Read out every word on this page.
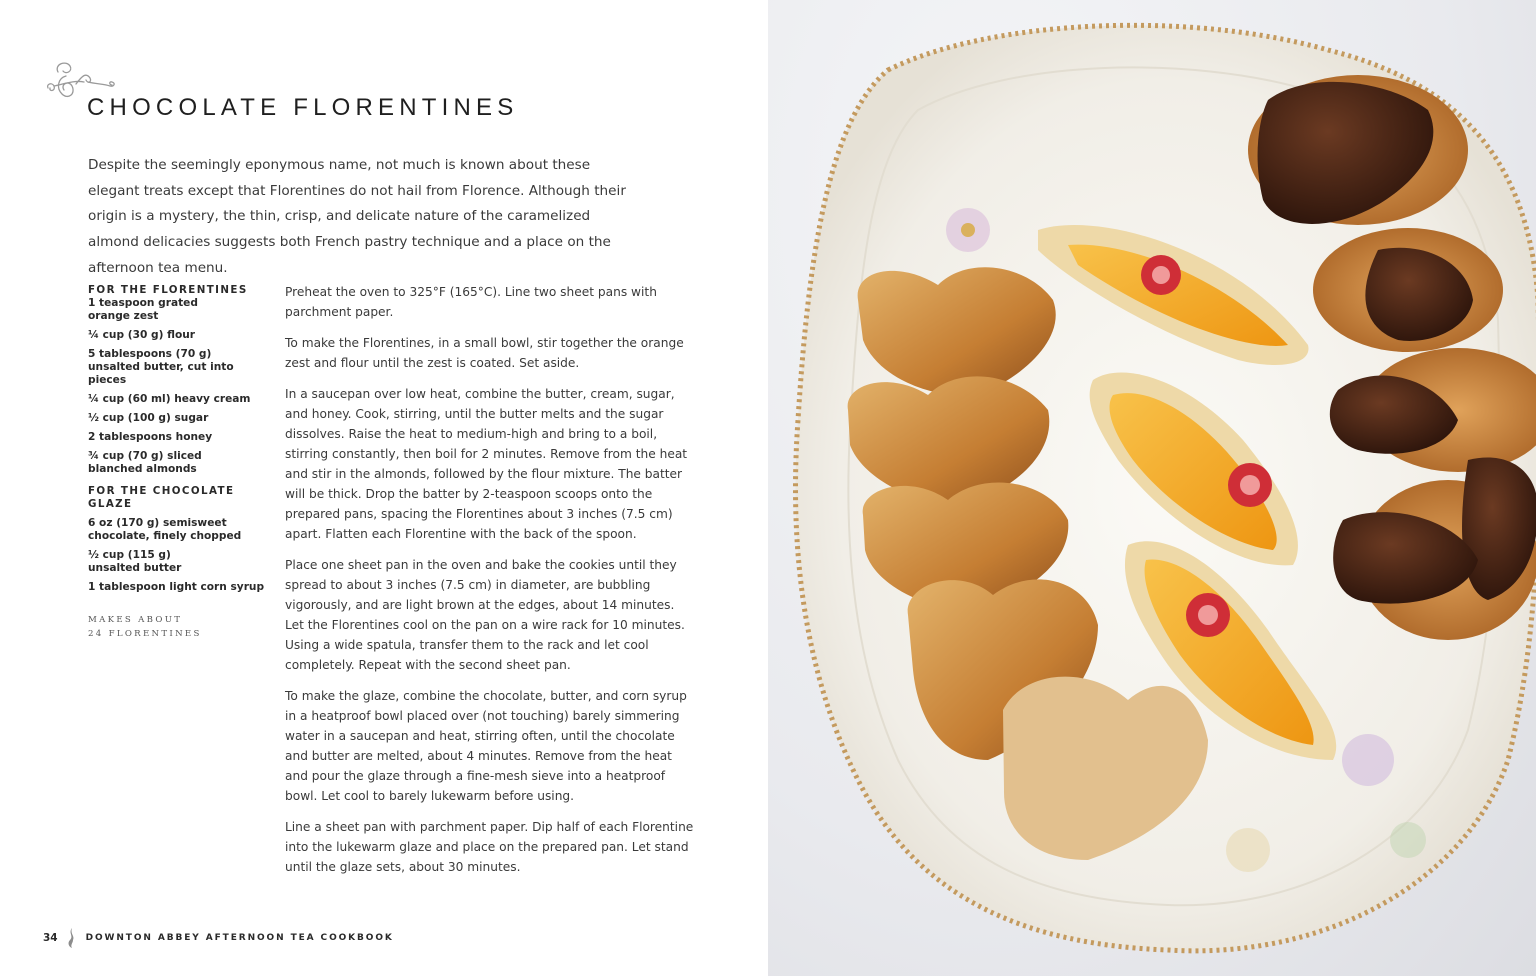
CHOCOLATE FLORENTINES

Despite the seemingly eponymous name, not much is known about these elegant treats except that Florentines do not hail from Florence. Although their origin is a mystery, the thin, crisp, and delicate nature of the caramelized almond delicacies suggests both French pastry technique and a place on the afternoon tea menu.

FOR THE FLORENTINES

1 teaspoon grated orange zest

¼ cup (30 g) flour

5 tablespoons (70 g) unsalted butter, cut into pieces

¼ cup (60 ml) heavy cream

½ cup (100 g) sugar

2 tablespoons honey

¾ cup (70 g) sliced blanched almonds

FOR THE CHOCOLATE GLAZE

6 oz (170 g) semisweet chocolate, finely chopped

½ cup (115 g) unsalted butter

1 tablespoon light corn syrup

MAKES ABOUT
24 FLORENTINES

Preheat the oven to 325°F (165°C). Line two sheet pans with parchment paper.

To make the Florentines, in a small bowl, stir together the orange zest and flour until the zest is coated. Set aside.

In a saucepan over low heat, combine the butter, cream, sugar, and honey. Cook, stirring, until the butter melts and the sugar dissolves. Raise the heat to medium-high and bring to a boil, stirring constantly, then boil for 2 minutes. Remove from the heat and stir in the almonds, followed by the flour mixture. The batter will be thick. Drop the batter by 2-teaspoon scoops onto the prepared pans, spacing the Florentines about 3 inches (7.5 cm) apart. Flatten each Florentine with the back of the spoon.

Place one sheet pan in the oven and bake the cookies until they spread to about 3 inches (7.5 cm) in diameter, are bubbling vigorously, and are light brown at the edges, about 14 minutes. Let the Florentines cool on the pan on a wire rack for 10 minutes. Using a wide spatula, transfer them to the rack and let cool completely. Repeat with the second sheet pan.

To make the glaze, combine the chocolate, butter, and corn syrup in a heatproof bowl placed over (not touching) barely simmering water in a saucepan and heat, stirring often, until the chocolate and butter are melted, about 4 minutes. Remove from the heat and pour the glaze through a fine-mesh sieve into a heatproof bowl. Let cool to barely lukewarm before using.

Line a sheet pan with parchment paper. Dip half of each Florentine into the lukewarm glaze and place on the prepared pan. Let stand until the glaze sets, about 30 minutes.

34	DOWNTON ABBEY AFTERNOON TEA COOKBOOK
